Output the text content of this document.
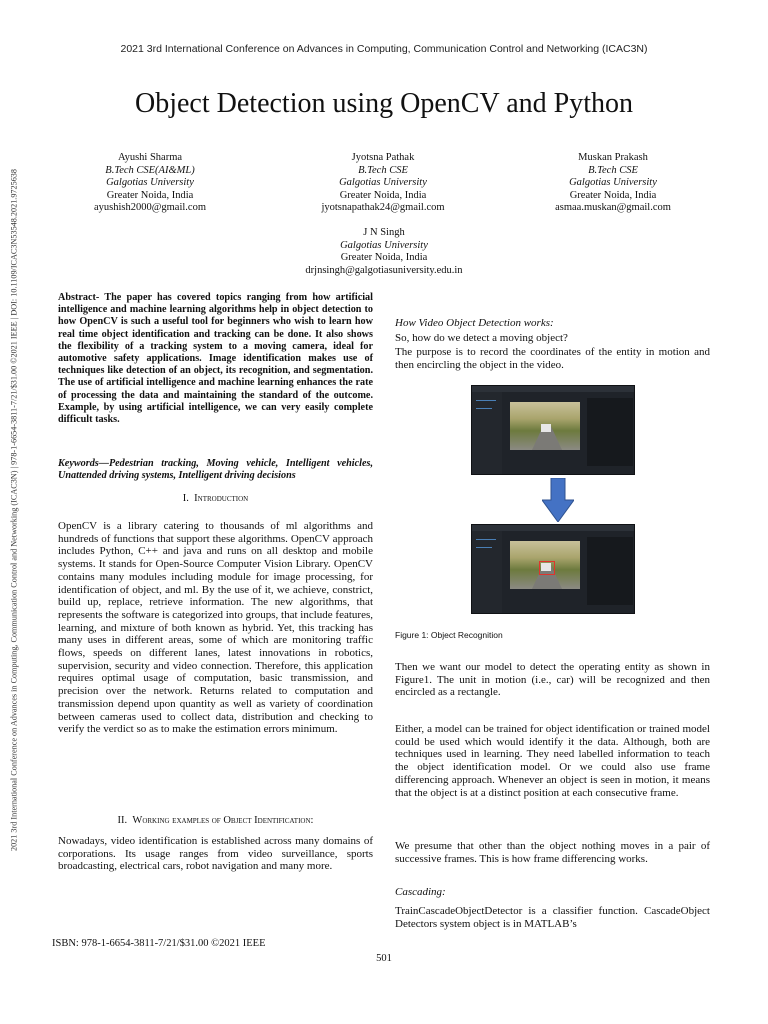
2021 3rd International Conference on Advances in Computing, Communication Control and Networking (ICAC3N)
2021 3rd International Conference on Advances in Computing, Communication Control and Networking (ICAC3N) | 978-1-6654-3811-7/21/$31.00 ©2021 IEEE | DOI: 10.1109/ICAC3N53548.2021.9725638
Object Detection using OpenCV and Python
Ayushi Sharma
B.Tech CSE(AI&ML)
Galgotias University
Greater Noida, India
ayushish2000@gmail.com
Jyotsna Pathak
B.Tech CSE
Galgotias University
Greater Noida, India
jyotsnapathak24@gmail.com
Muskan Prakash
B.Tech CSE
Galgotias University
Greater Noida, India
asmaa.muskan@gmail.com
J N Singh
Galgotias University
Greater Noida, India
drjnsingh@galgotiasuniversity.edu.in
Abstract- The paper has covered topics ranging from how artificial intelligence and machine learning algorithms help in object detection to how OpenCV is such a useful tool for beginners who wish to learn how real time object identification and tracking can be done. It also shows the flexibility of a tracking system to a moving camera, ideal for automotive safety applications. Image identification makes use of techniques like detection of an object, its recognition, and segmentation. The use of artificial intelligence and machine learning enhances the rate of processing the data and maintaining the standard of the outcome. Example, by using artificial intelligence, we can very easily complete difficult tasks.
Keywords—Pedestrian tracking, Moving vehicle, Intelligent vehicles, Unattended driving systems, Intelligent driving decisions
I. Introduction
OpenCV is a library catering to thousands of ml algorithms and hundreds of functions that support these algorithms. OpenCV approach includes Python, C++ and java and runs on all desktop and mobile systems. It stands for Open-Source Computer Vision Library. OpenCV contains many modules including module for image processing, for identification of object, and ml. By the use of it, we achieve, constrict, build up, replace, retrieve information. The new algorithms, that represents the software is categorized into groups, that include features, learning, and mixture of both known as hybrid. Yet, this tracking has many uses in different areas, some of which are monitoring traffic flows, speeds on different lanes, latest innovations in robotics, supervision, security and video connection. Therefore, this application requires optimal usage of computation, basic transmission, and precision over the network. Returns related to computation and transmission depend upon quantity as well as variety of coordination between cameras used to collect data, distribution and checking to verify the verdict so as to make the estimation errors minimum.
II. Working examples of Object Identification:
Nowadays, video identification is established across many domains of corporations. Its usage ranges from video surveillance, sports broadcasting, electrical cars, robot navigation and many more.
How Video Object Detection works:
So, how do we detect a moving object?
The purpose is to record the coordinates of the entity in motion and then encircling the object in the video.
Figure 1: Object Recognition
Then we want our model to detect the operating entity as shown in Figure1. The unit in motion (i.e., car) will be recognized and then encircled as a rectangle.
Either, a model can be trained for object identification or trained model could be used which would identify it the data. Although, both are techniques used in learning. They need labelled information to teach the object identification model. Or we could also use frame differencing approach. Whenever an object is seen in motion, it means that the object is at a distinct position at each consecutive frame.
We presume that other than the object nothing moves in a pair of successive frames. This is how frame differencing works.
Cascading:
TrainCascadeObjectDetector is a classifier function. CascadeObject Detectors system object is in MATLAB’s
ISBN: 978-1-6654-3811-7/21/$31.00 ©2021 IEEE
501
